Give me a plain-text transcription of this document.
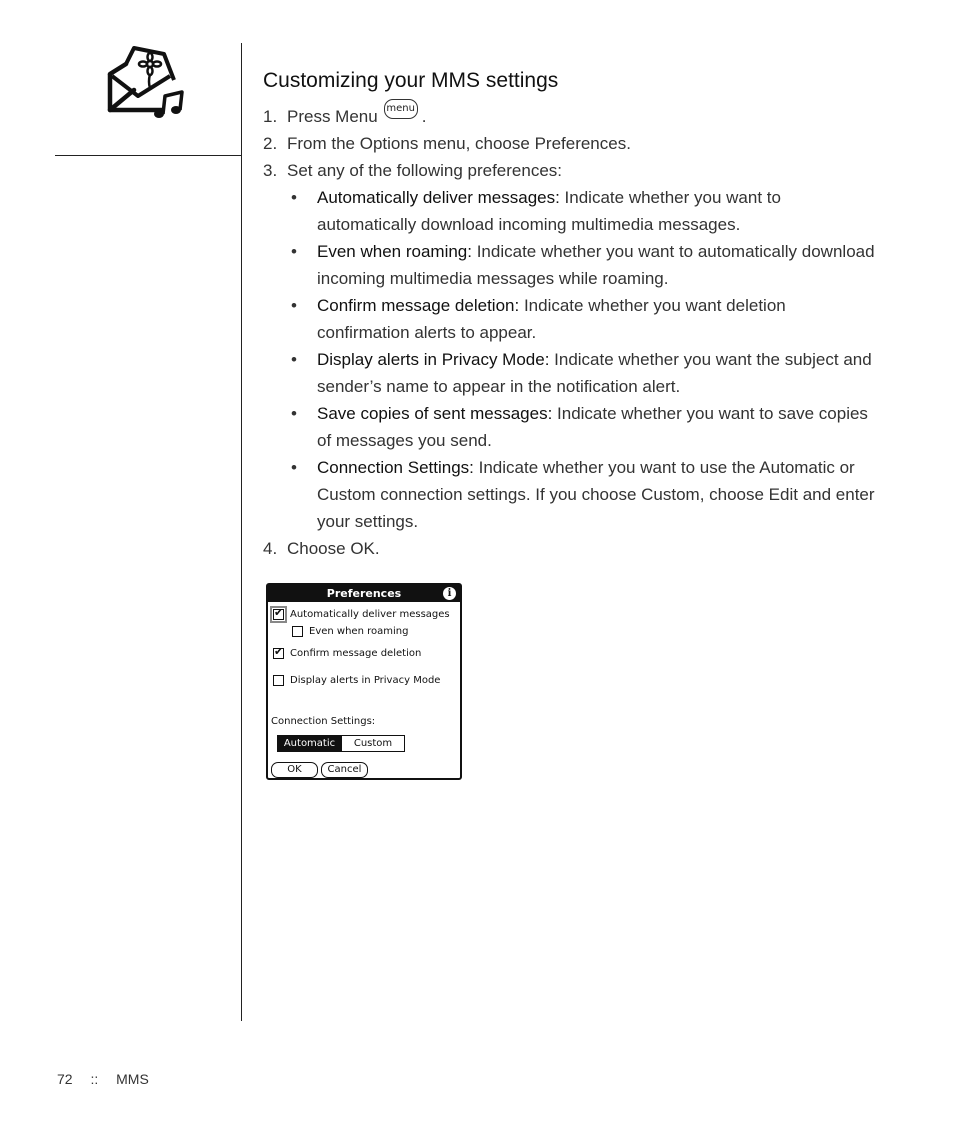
Customizing your MMS settings
1. Press Menu menu .
2. From the Options menu, choose Preferences.
3. Set any of the following preferences:
• Automatically deliver messages: Indicate whether you want to automatically download incoming multimedia messages.
• Even when roaming: Indicate whether you want to automatically download incoming multimedia messages while roaming.
• Confirm message deletion: Indicate whether you want deletion confirmation alerts to appear.
• Display alerts in Privacy Mode: Indicate whether you want the subject and sender’s name to appear in the notification alert.
• Save copies of sent messages: Indicate whether you want to save copies of messages you send.
• Connection Settings: Indicate whether you want to use the Automatic or Custom connection settings. If you choose Custom, choose Edit and enter your settings.
4. Choose OK.
Preferences	i
✔
Automatically deliver messages
Even when roaming
✔
Confirm message deletion
Display alerts in Privacy Mode
Connection Settings:
Automatic	Custom
OK	Cancel
72 :: MMS
